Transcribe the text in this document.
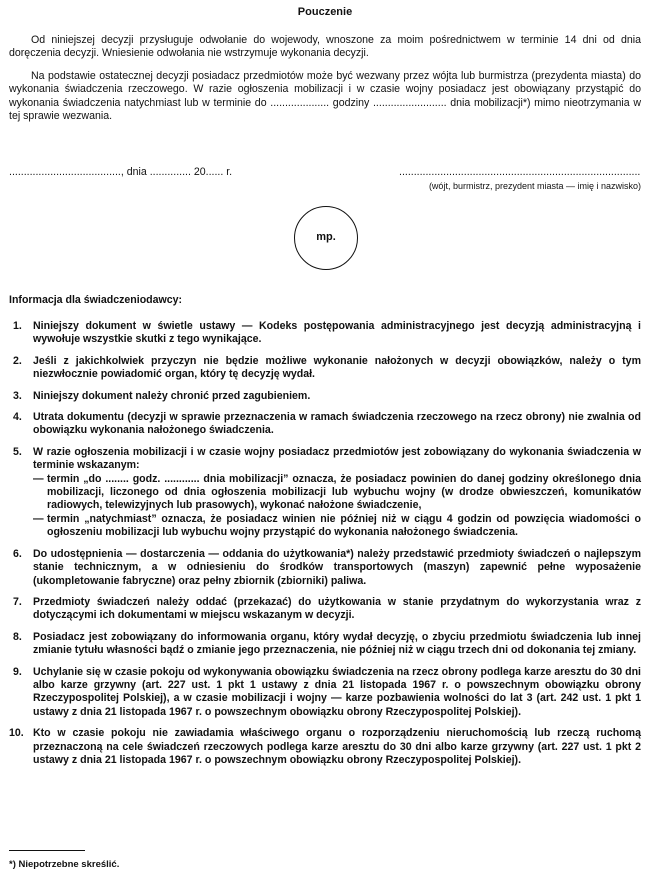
Pouczenie

Od niniejszej decyzji przysługuje odwołanie do wojewody, wnoszone za moim pośrednictwem w terminie 14 dni od dnia doręczenia decyzji. Wniesienie odwołania nie wstrzymuje wykonania decyzji.

Na podstawie ostatecznej decyzji posiadacz przedmiotów może być wezwany przez wójta lub burmistrza (prezydenta miasta) do wykonania świadczenia rzeczowego. W razie ogłoszenia mobilizacji i w czasie wojny posiadacz jest obowiązany przystąpić do wykonania świadczenia natychmiast lub w terminie do .................... godziny ......................... dnia mobilizacji*) mimo nieotrzymania w tej sprawie wezwania.

......................................, dnia .............. 20...... r.	..................................................................................
(wójt, burmistrz, prezydent miasta — imię i nazwisko)
mp.
Informacja dla świadczeniodawcy:
1. Niniejszy dokument w świetle ustawy — Kodeks postępowania administracyjnego jest decyzją administracyjną i wywołuje wszystkie skutki z tego wynikające.
2. Jeśli z jakichkolwiek przyczyn nie będzie możliwe wykonanie nałożonych w decyzji obowiązków, należy o tym niezwłocznie powiadomić organ, który tę decyzję wydał.
3. Niniejszy dokument należy chronić przed zagubieniem.
4. Utrata dokumentu (decyzji w sprawie przeznaczenia w ramach świadczenia rzeczowego na rzecz obrony) nie zwalnia od obowiązku wykonania nałożonego świadczenia.
5. W razie ogłoszenia mobilizacji i w czasie wojny posiadacz przedmiotów jest zobowiązany do wykonania świadczenia w terminie wskazanym:
— termin „do ........ godz. ............ dnia mobilizacji” oznacza, że posiadacz powinien do danej godziny określonego dnia mobilizacji, liczonego od dnia ogłoszenia mobilizacji lub wybuchu wojny (w drodze obwieszczeń, komunikatów radiowych, telewizyjnych lub prasowych), wykonać nałożone świadczenie,
— termin „natychmiast” oznacza, że posiadacz winien nie później niż w ciągu 4 godzin od powzięcia wiadomości o ogłoszeniu mobilizacji lub wybuchu wojny przystąpić do wykonania nałożonego świadczenia.
6. Do udostępnienia — dostarczenia — oddania do użytkowania*) należy przedstawić przedmioty świadczeń o najlepszym stanie technicznym, a w odniesieniu do środków transportowych (maszyn) zapewnić pełne wyposażenie (ukompletowanie fabryczne) oraz pełny zbiornik (zbiorniki) paliwa.
7. Przedmioty świadczeń należy oddać (przekazać) do użytkowania w stanie przydatnym do wykorzystania wraz z dotyczącymi ich dokumentami w miejscu wskazanym w decyzji.
8. Posiadacz jest zobowiązany do informowania organu, który wydał decyzję, o zbyciu przedmiotu świadczenia lub innej zmianie tytułu własności bądź o zmianie jego przeznaczenia, nie później niż w ciągu trzech dni od dokonania tej zmiany.
9. Uchylanie się w czasie pokoju od wykonywania obowiązku świadczenia na rzecz obrony podlega karze aresztu do 30 dni albo karze grzywny (art. 227 ust. 1 pkt 1 ustawy z dnia 21 listopada 1967 r. o powszechnym obowiązku obrony Rzeczypospolitej Polskiej), a w czasie mobilizacji i wojny — karze pozbawienia wolności do lat 3 (art. 242 ust. 1 pkt 1 ustawy z dnia 21 listopada 1967 r. o powszechnym obowiązku obrony Rzeczypospolitej Polskiej).
10. Kto w czasie pokoju nie zawiadamia właściwego organu o rozporządzeniu nieruchomością lub rzeczą ruchomą przeznaczoną na cele świadczeń rzeczowych podlega karze aresztu do 30 dni albo karze grzywny (art. 227 ust. 1 pkt 2 ustawy z dnia 21 listopada 1967 r. o powszechnym obowiązku obrony Rzeczypospolitej Polskiej).
*) Niepotrzebne skreślić.
